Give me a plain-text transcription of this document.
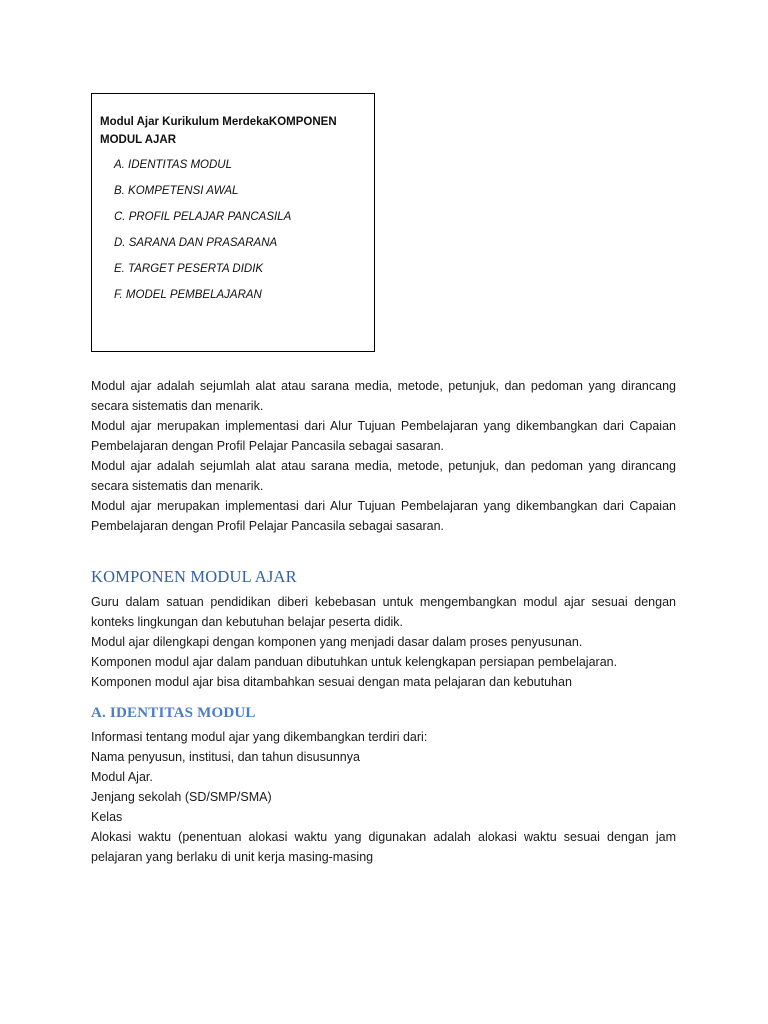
Modul Ajar Kurikulum MerdekaKOMPONEN MODUL AJAR
A. IDENTITAS MODUL
B. KOMPETENSI AWAL
C. PROFIL PELAJAR PANCASILA
D. SARANA DAN PRASARANA
E. TARGET PESERTA DIDIK
F. MODEL PEMBELAJARAN

Modul ajar adalah sejumlah alat atau sarana media, metode, petunjuk, dan pedoman yang dirancang secara sistematis dan menarik.

Modul ajar merupakan implementasi dari Alur Tujuan Pembelajaran yang dikembangkan dari Capaian Pembelajaran dengan Profil Pelajar Pancasila sebagai sasaran.

Modul ajar adalah sejumlah alat atau sarana media, metode, petunjuk, dan pedoman yang dirancang secara sistematis dan menarik.

Modul ajar merupakan implementasi dari Alur Tujuan Pembelajaran yang dikembangkan dari Capaian Pembelajaran dengan Profil Pelajar Pancasila sebagai sasaran.

KOMPONEN MODUL AJAR

Guru dalam satuan pendidikan diberi kebebasan untuk mengembangkan modul ajar sesuai dengan konteks lingkungan dan kebutuhan belajar peserta didik.

Modul ajar dilengkapi dengan komponen yang menjadi dasar dalam proses penyusunan.

Komponen modul ajar dalam panduan dibutuhkan untuk kelengkapan persiapan pembelajaran.

Komponen modul ajar bisa ditambahkan sesuai dengan mata pelajaran dan kebutuhan

A. IDENTITAS MODUL

Informasi tentang modul ajar yang dikembangkan terdiri dari:

Nama penyusun, institusi, dan tahun disusunnya

Modul Ajar.

Jenjang sekolah (SD/SMP/SMA)

Kelas

Alokasi waktu (penentuan alokasi waktu yang digunakan adalah alokasi waktu sesuai dengan jam pelajaran yang berlaku di unit kerja masing-masing
